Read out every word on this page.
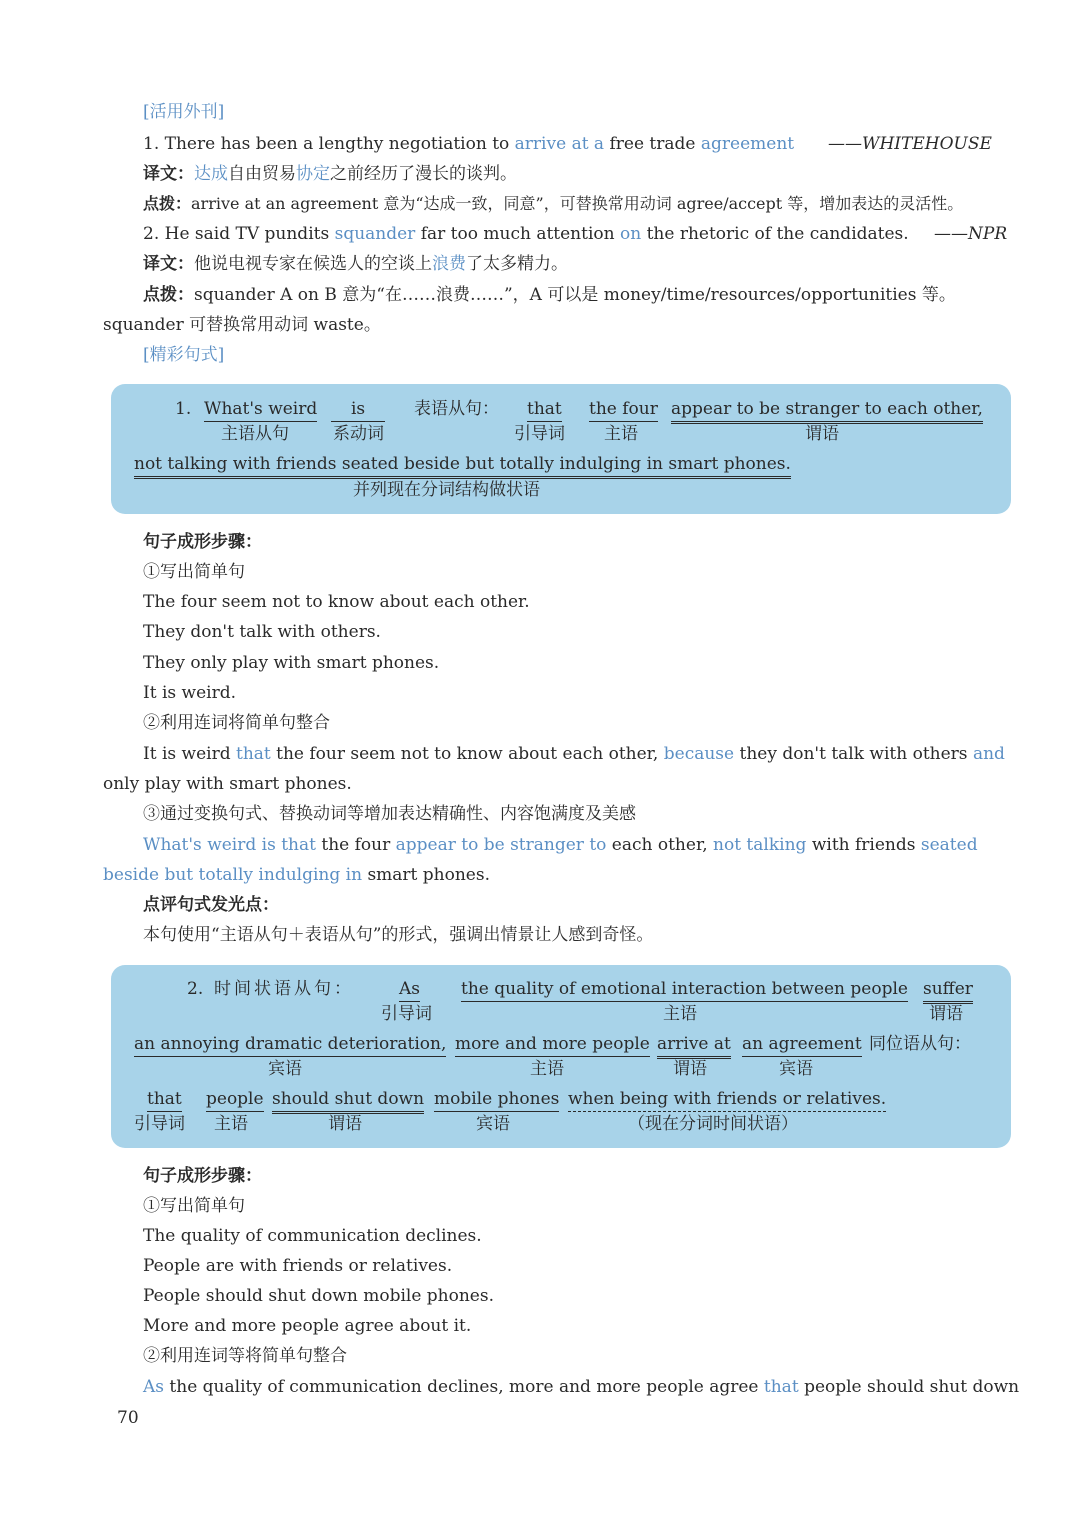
[活用外刊]
1. There has been a lengthy negotiation to arrive at a free trade agreement ——WHITEHOUSE
译文：达成自由贸易协定之前经历了漫长的谈判。
点拨：arrive at an agreement 意为“达成一致，同意”，可替换常用动词 agree/accept 等，增加表达的灵活性。
2. He said TV pundits squander far too much attention on the rhetoric of the candidates. ——NPR
译文：他说电视专家在候选人的空谈上浪费了太多精力。
点拨：squander A on B 意为“在……浪费……”，A 可以是 money/time/resources/opportunities 等。
squander 可替换常用动词 waste。
[精彩句式]
1. What's weird
主语从句
is
系动词
表语从句： that
引导词
the four
主语
appear to be stranger to each other,
谓语
not talking with friends seated beside but totally indulging in smart phones.
并列现在分词结构做状语
句子成形步骤：
①写出简单句
The four seem not to know about each other.
They don't talk with others.
They only play with smart phones.
It is weird.
②利用连词将简单句整合
It is weird that the four seem not to know about each other, because they don't talk with others and
only play with smart phones.
③通过变换句式、替换动词等增加表达精确性、内容饱满度及美感
What's weird is that the four appear to be stranger to each other, not talking with friends seated
beside but totally indulging in smart phones.
点评句式发光点：
本句使用“主语从句＋表语从句”的形式，强调出情景让人感到奇怪。
2. 时间状语从句：	As
引导词
the quality of emotional interaction between people
主语
suffer
谓语
an annoying dramatic deterioration,
宾语
more and more people
主语
arrive at
谓语
an agreement
宾语
同位语从句：
that
引导词
people
主语
should shut down
谓语
mobile phones
宾语
when being with friends or relatives.
（现在分词时间状语）
句子成形步骤：
①写出简单句
The quality of communication declines.
People are with friends or relatives.
People should shut down mobile phones.
More and more people agree about it.
②利用连词等将简单句整合
As the quality of communication declines, more and more people agree that people should shut down
70
